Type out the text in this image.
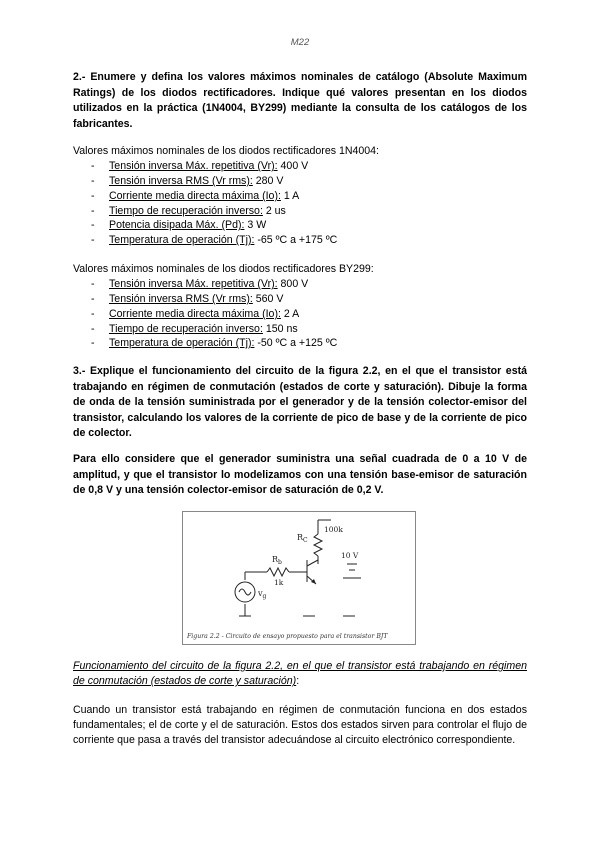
M22
2.- Enumere y defina los valores máximos nominales de catálogo (Absolute Maximum Ratings) de los diodos rectificadores. Indique qué valores presentan en los diodos utilizados en la práctica (1N4004, BY299) mediante la consulta de los catálogos de los fabricantes.
Valores máximos nominales de los diodos rectificadores 1N4004:
- Tensión inversa Máx. repetitiva (Vr): 400 V
- Tensión inversa RMS (Vr rms): 280 V
- Corriente media directa máxima (Io): 1 A
- Tiempo de recuperación inverso: 2 us
- Potencia disipada Máx. (Pd): 3 W
- Temperatura de operación (Tj): -65 ºC a +175 ºC
Valores máximos nominales de los diodos rectificadores BY299:
- Tensión inversa Máx. repetitiva (Vr): 800 V
- Tensión inversa RMS (Vr rms): 560 V
- Corriente media directa máxima (Io): 2 A
- Tiempo de recuperación inverso: 150 ns
- Temperatura de operación (Tj): -50 ºC a +125 ºC
3.- Explique el funcionamiento del circuito de la figura 2.2, en el que el transistor está trabajando en régimen de conmutación (estados de corte y saturación). Dibuje la forma de onda de la tensión suministrada por el generador y de la tensión colector-emisor del transistor, calculando los valores de la corriente de pico de base y de la corriente de pico de colector.
Para ello considere que el generador suministra una señal cuadrada de 0 a 10 V de amplitud, y que el transistor lo modelizamos con una tensión base-emisor de saturación de 0,8 V y una tensión colector-emisor de saturación de 0,2 V.
$R_C$
100k
$R_b$
1k
10 V
$v_g$
Figura 2.2 - Circuito de ensayo propuesto para el transistor BJT
Funcionamiento del circuito de la figura 2.2, en el que el transistor está trabajando en régimen de conmutación (estados de corte y saturación):
Cuando un transistor está trabajando en régimen de conmutación funciona en dos estados fundamentales; el de corte y el de saturación. Estos dos estados sirven para controlar el flujo de corriente que pasa a través del transistor adecuándose al circuito electrónico correspondiente.
